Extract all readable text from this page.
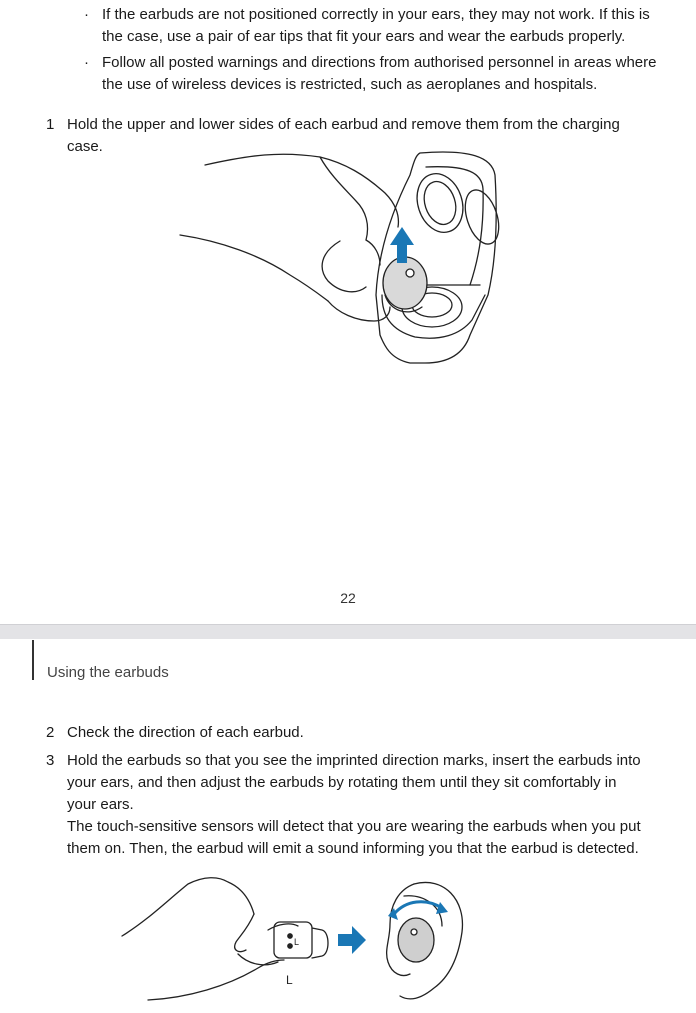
· If the earbuds are not positioned correctly in your ears, they may not work. If this is the case, use a pair of ear tips that fit your ears and wear the earbuds properly.
· Follow all posted warnings and directions from authorised personnel in areas where the use of wireless devices is restricted, such as aeroplanes and hospitals.
1 Hold the upper and lower sides of each earbud and remove them from the charging case.
22
Using the earbuds
2 Check the direction of each earbud.
3 Hold the earbuds so that you see the imprinted direction marks, insert the earbuds into your ears, and then adjust the earbuds by rotating them until they sit comfortably in your ears.
The touch-sensitive sensors will detect that you are wearing the earbuds when you put them on. Then, the earbud will emit a sound informing you that the earbud is detected.
L
L
